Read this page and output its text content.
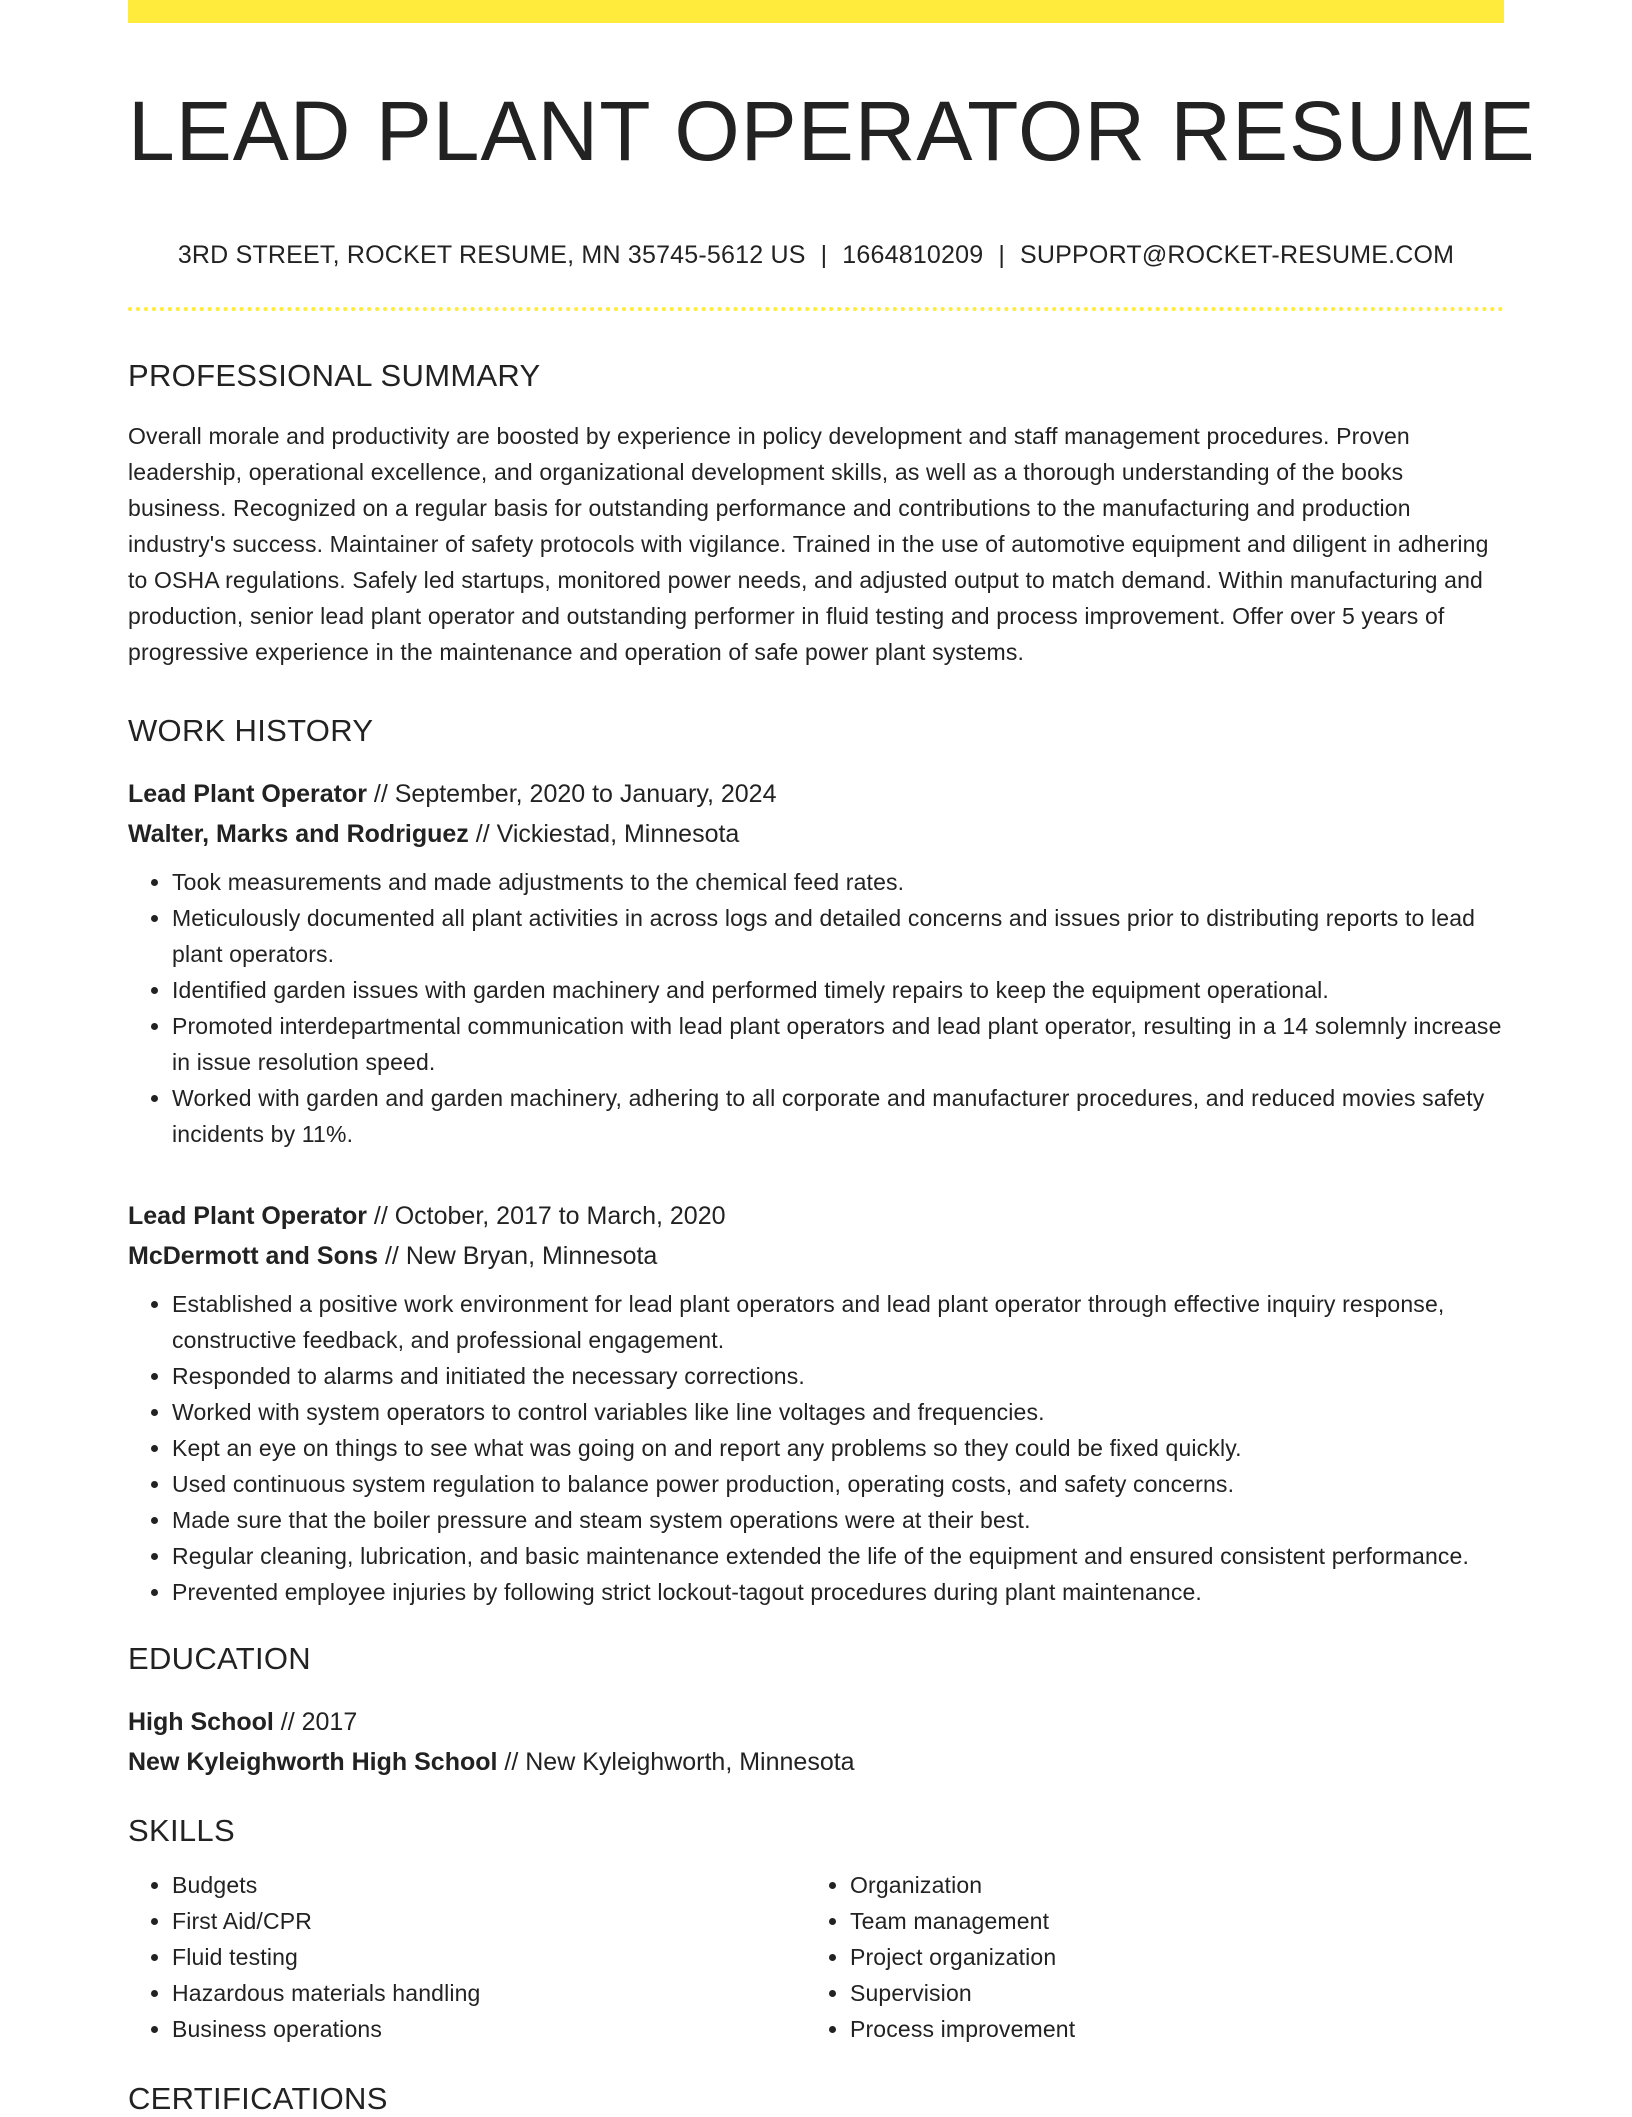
LEAD PLANT OPERATOR RESUME
3RD STREET, ROCKET RESUME, MN 35745-5612 US | 1664810209 | SUPPORT@ROCKET-RESUME.COM
PROFESSIONAL SUMMARY

Overall morale and productivity are boosted by experience in policy development and staff management procedures. Proven leadership, operational excellence, and organizational development skills, as well as a thorough understanding of the books business. Recognized on a regular basis for outstanding performance and contributions to the manufacturing and production industry's success. Maintainer of safety protocols with vigilance. Trained in the use of automotive equipment and diligent in adhering to OSHA regulations. Safely led startups, monitored power needs, and adjusted output to match demand. Within manufacturing and production, senior lead plant operator and outstanding performer in fluid testing and process improvement. Offer over 5 years of progressive experience in the maintenance and operation of safe power plant systems.

WORK HISTORY
Lead Plant Operator // September, 2020 to January, 2024
Walter, Marks and Rodriguez // Vickiestad, Minnesota
• Took measurements and made adjustments to the chemical feed rates.
• Meticulously documented all plant activities in across logs and detailed concerns and issues prior to distributing reports to lead plant operators.
• Identified garden issues with garden machinery and performed timely repairs to keep the equipment operational.
• Promoted interdepartmental communication with lead plant operators and lead plant operator, resulting in a 14 solemnly increase in issue resolution speed.
• Worked with garden and garden machinery, adhering to all corporate and manufacturer procedures, and reduced movies safety incidents by 11%.
Lead Plant Operator // October, 2017 to March, 2020
McDermott and Sons // New Bryan, Minnesota
• Established a positive work environment for lead plant operators and lead plant operator through effective inquiry response, constructive feedback, and professional engagement.
• Responded to alarms and initiated the necessary corrections.
• Worked with system operators to control variables like line voltages and frequencies.
• Kept an eye on things to see what was going on and report any problems so they could be fixed quickly.
• Used continuous system regulation to balance power production, operating costs, and safety concerns.
• Made sure that the boiler pressure and steam system operations were at their best.
• Regular cleaning, lubrication, and basic maintenance extended the life of the equipment and ensured consistent performance.
• Prevented employee injuries by following strict lockout-tagout procedures during plant maintenance.
EDUCATION
High School // 2017
New Kyleighworth High School // New Kyleighworth, Minnesota
SKILLS
• Budgets
• First Aid/CPR
• Fluid testing
• Hazardous materials handling
• Business operations
• Organization
• Team management
• Project organization
• Supervision
• Process improvement
CERTIFICATIONS
